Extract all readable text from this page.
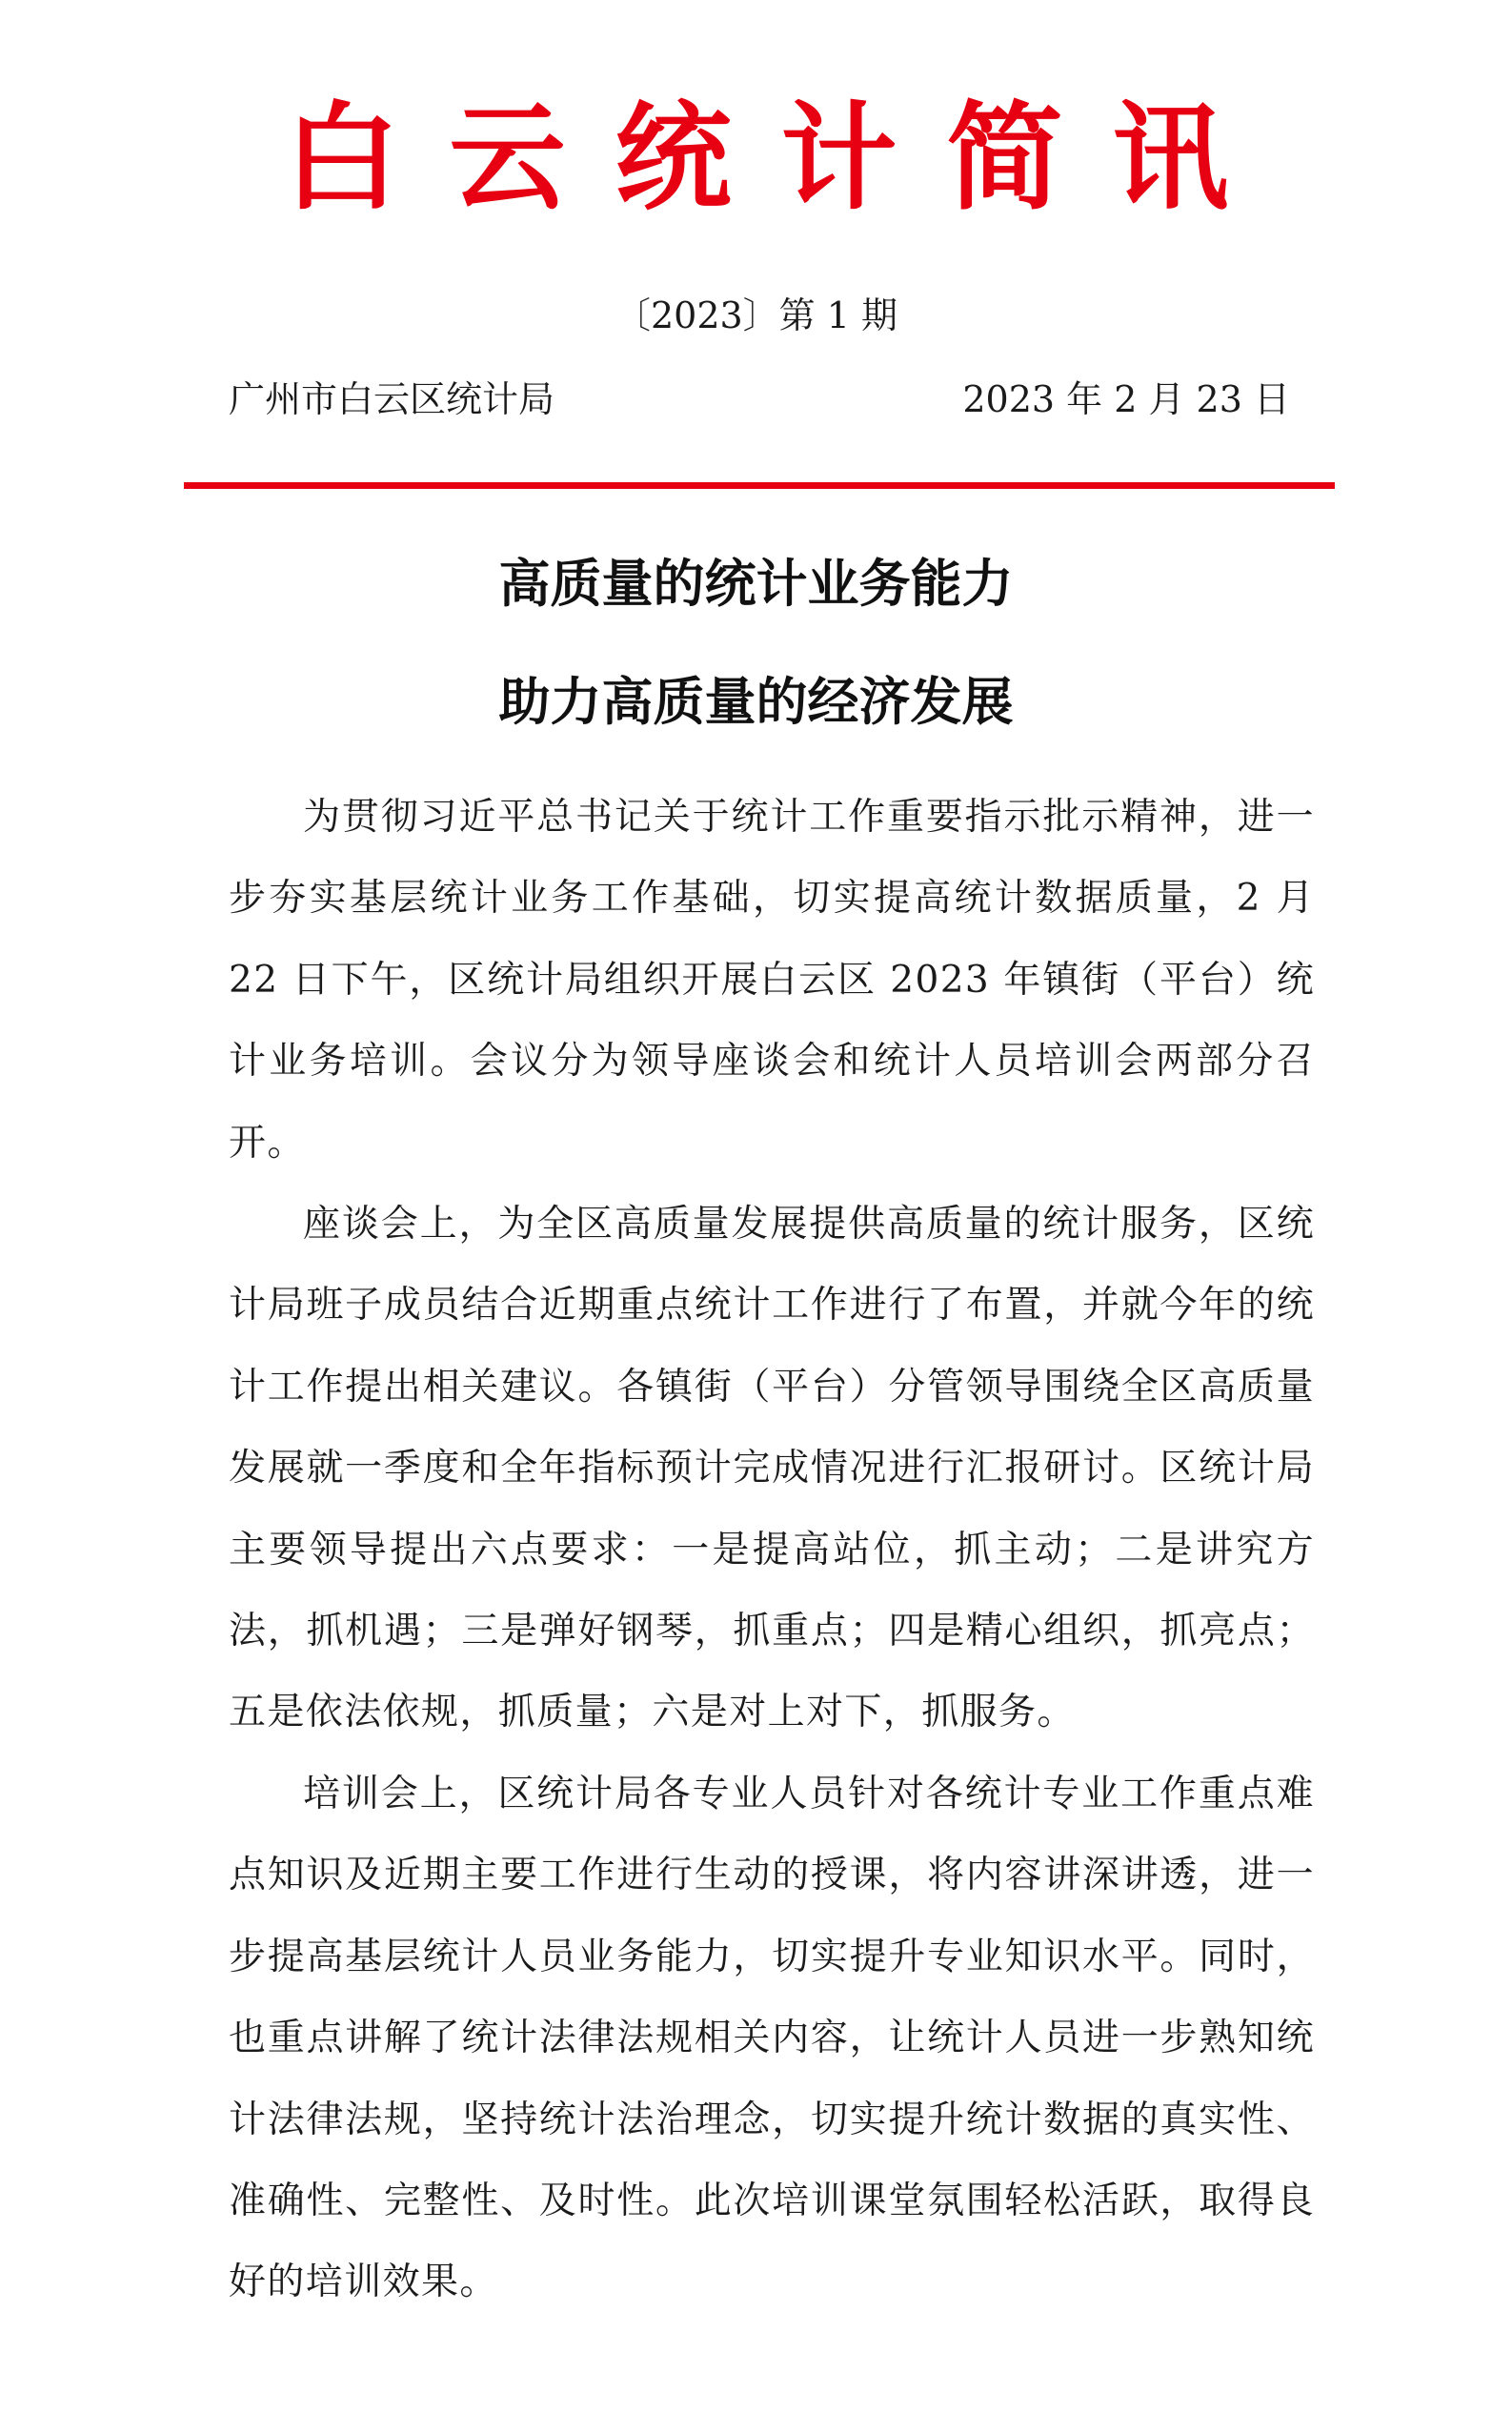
白 云 统 计 简 讯
〔2023〕第 1 期
广州市白云区统计局	2023 年 2 月 23 日
高质量的统计业务能力
助力高质量的经济发展

为贯彻习近平总书记关于统计工作重要指示批示精神，进一步夯实基层统计业务工作基础，切实提高统计数据质量，2 月 22 日下午，区统计局组织开展白云区 2023 年镇街（平台）统计业务培训。会议分为领导座谈会和统计人员培训会两部分召开。

座谈会上，为全区高质量发展提供高质量的统计服务，区统计局班子成员结合近期重点统计工作进行了布置，并就今年的统计工作提出相关建议。各镇街（平台）分管领导围绕全区高质量发展就一季度和全年指标预计完成情况进行汇报研讨。区统计局主要领导提出六点要求：一是提高站位，抓主动；二是讲究方法，抓机遇；三是弹好钢琴，抓重点；四是精心组织，抓亮点；五是依法依规，抓质量；六是对上对下，抓服务。

培训会上，区统计局各专业人员针对各统计专业工作重点难点知识及近期主要工作进行生动的授课，将内容讲深讲透，进一步提高基层统计人员业务能力，切实提升专业知识水平。同时，也重点讲解了统计法律法规相关内容，让统计人员进一步熟知统计法律法规，坚持统计法治理念，切实提升统计数据的真实性、准确性、完整性、及时性。此次培训课堂氛围轻松活跃，取得良好的培训效果。
